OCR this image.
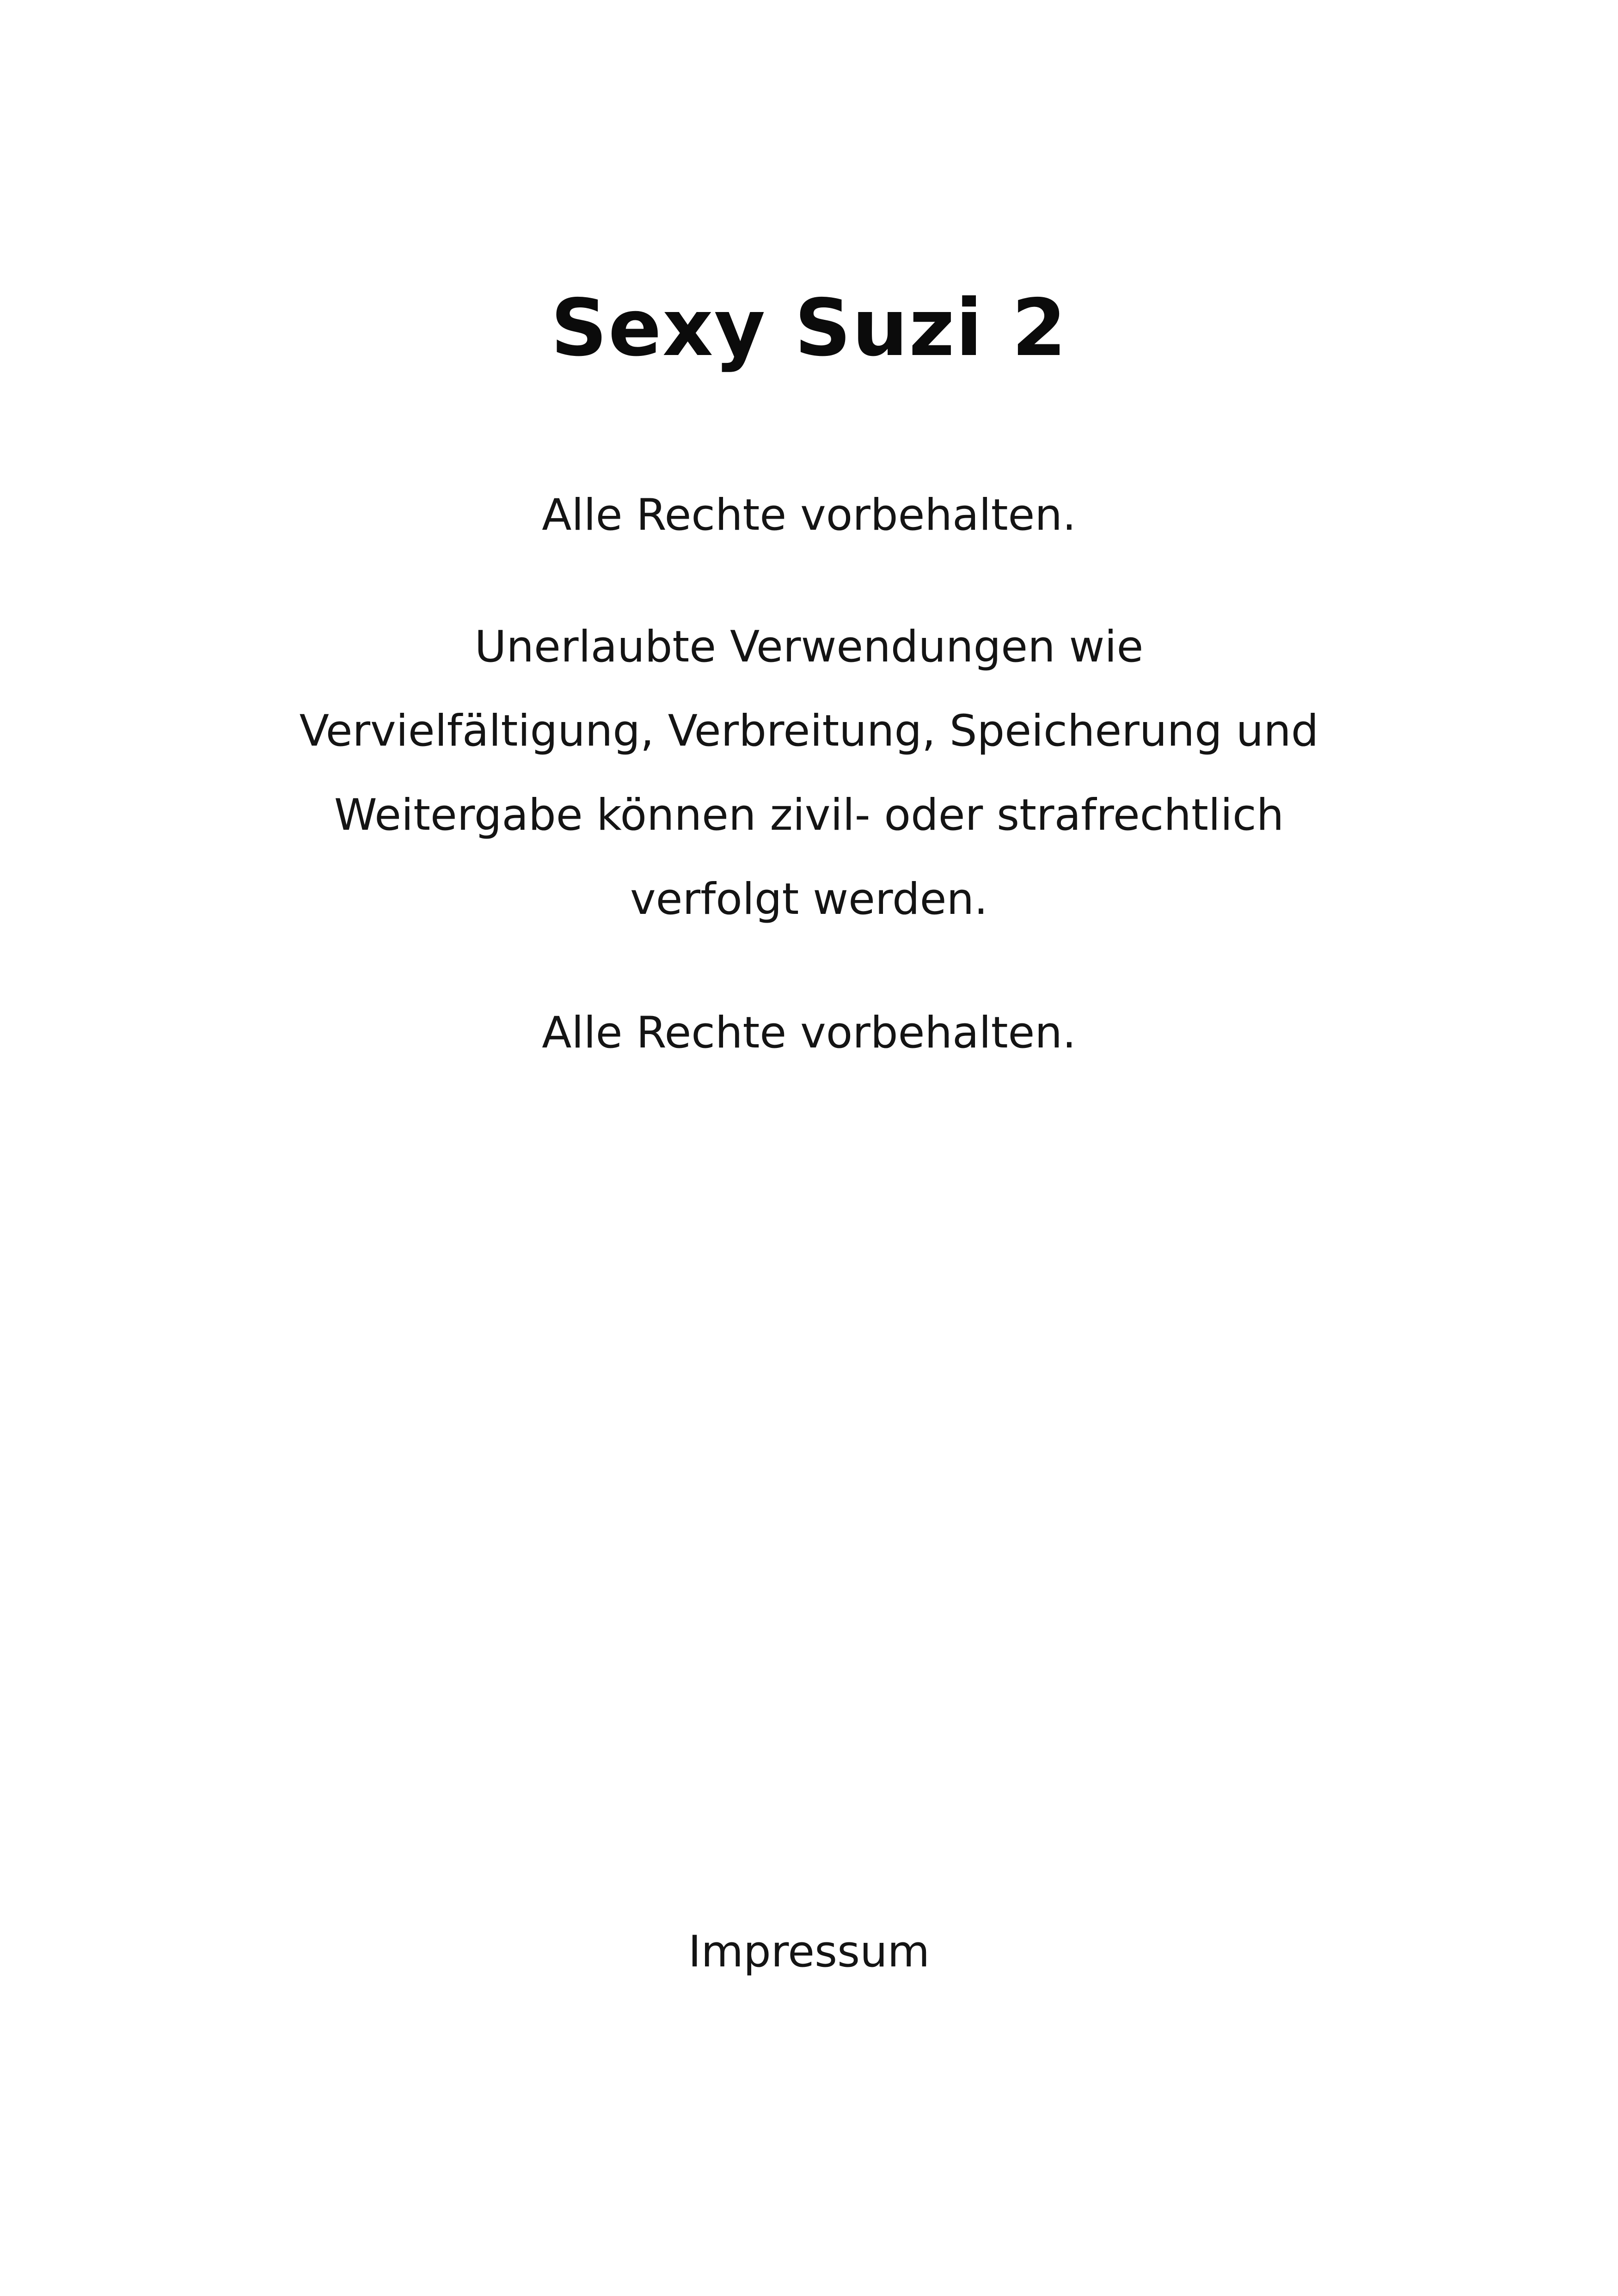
Sexy Suzi 2
Alle Rechte vorbehalten.
Unerlaubte Verwendungen wie
Vervielfältigung, Verbreitung, Speicherung und
Weitergabe können zivil- oder strafrechtlich
verfolgt werden.
Alle Rechte vorbehalten.
Impressum
